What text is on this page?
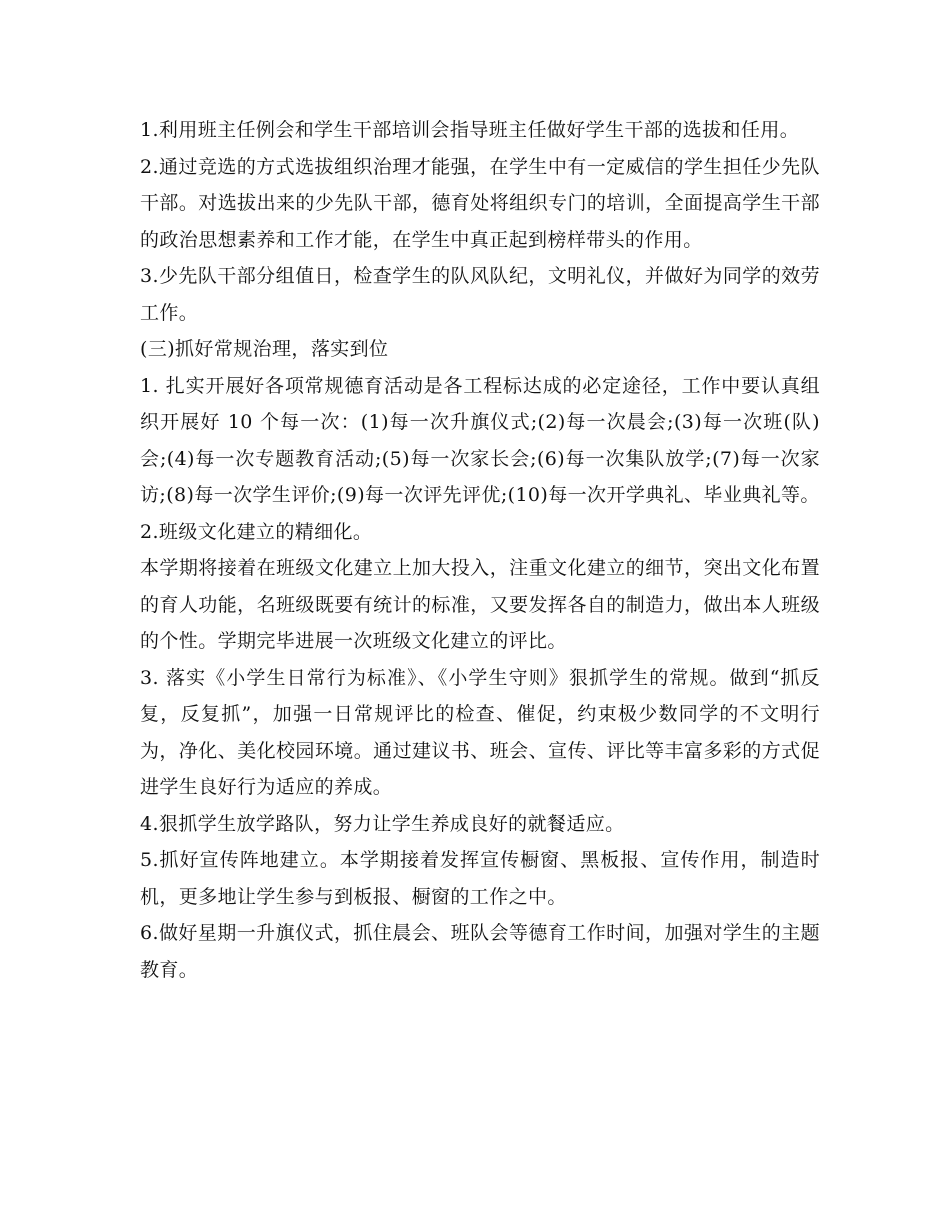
1.利用班主任例会和学生干部培训会指导班主任做好学生干部的选拔和任用。

2.通过竞选的方式选拔组织治理才能强，在学生中有一定威信的学生担任少先队干部。对选拔出来的少先队干部，德育处将组织专门的培训，全面提高学生干部的政治思想素养和工作才能，在学生中真正起到榜样带头的作用。

3.少先队干部分组值日，检查学生的队风队纪，文明礼仪，并做好为同学的效劳工作。

(三)抓好常规治理，落实到位

1. 扎实开展好各项常规德育活动是各工程标达成的必定途径，工作中要认真组织开展好 10 个每一次：(1)每一次升旗仪式;(2)每一次晨会;(3)每一次班(队)会;(4)每一次专题教育活动;(5)每一次家长会;(6)每一次集队放学;(7)每一次家访;(8)每一次学生评价;(9)每一次评先评优;(10)每一次开学典礼、毕业典礼等。

2.班级文化建立的精细化。

本学期将接着在班级文化建立上加大投入，注重文化建立的细节，突出文化布置的育人功能，名班级既要有统计的标准，又要发挥各自的制造力，做出本人班级的个性。学期完毕进展一次班级文化建立的评比。

3. 落实《小学生日常行为标准》、《小学生守则》狠抓学生的常规。做到“抓反复，反复抓”，加强一日常规评比的检查、催促，约束极少数同学的不文明行为，净化、美化校园环境。通过建议书、班会、宣传、评比等丰富多彩的方式促进学生良好行为适应的养成。

4.狠抓学生放学路队，努力让学生养成良好的就餐适应。

5.抓好宣传阵地建立。本学期接着发挥宣传橱窗、黑板报、宣传作用，制造时机，更多地让学生参与到板报、橱窗的工作之中。

6.做好星期一升旗仪式，抓住晨会、班队会等德育工作时间，加强对学生的主题教育。
